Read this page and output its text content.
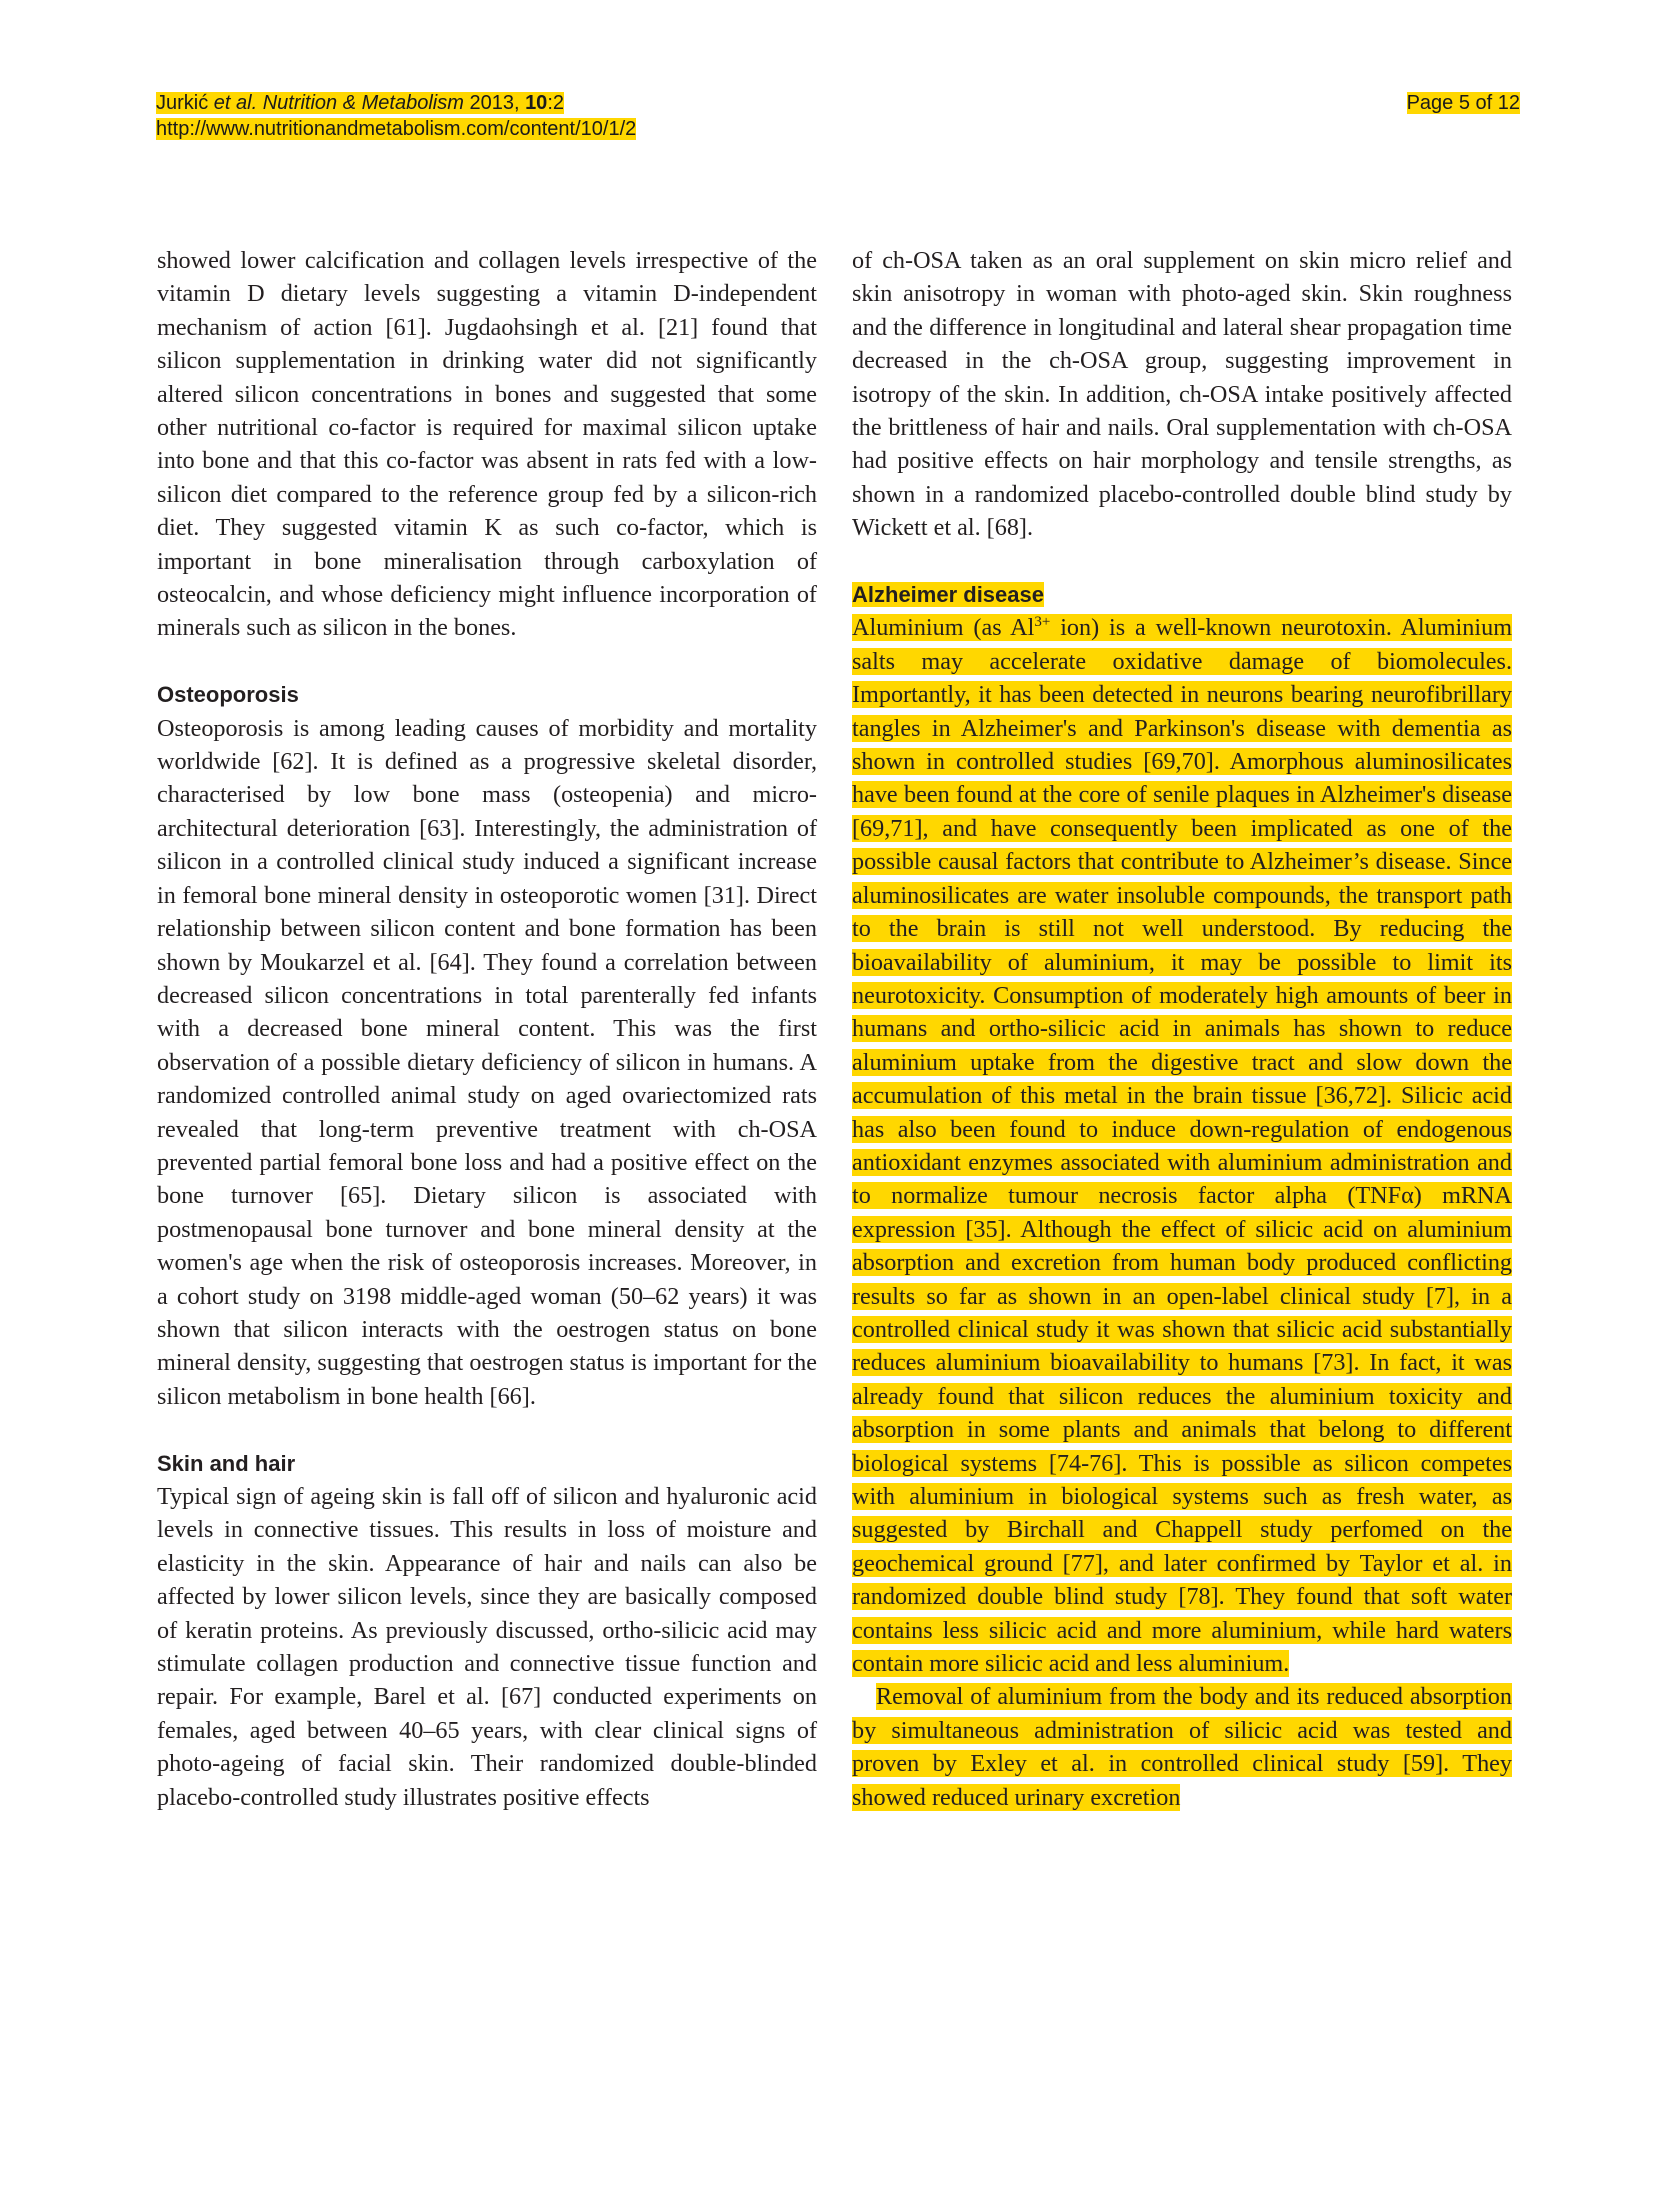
Jurkić et al. Nutrition & Metabolism 2013, 10:2
http://www.nutritionandmetabolism.com/content/10/1/2
Page 5 of 12

showed lower calcification and collagen levels irrespective of the vitamin D dietary levels suggesting a vitamin D-independent mechanism of action [61]. Jugdaohsingh et al. [21] found that silicon supplementation in drinking water did not significantly altered silicon concentrations in bones and suggested that some other nutritional co-factor is required for maximal silicon uptake into bone and that this co-factor was absent in rats fed with a low-silicon diet compared to the reference group fed by a silicon-rich diet. They suggested vitamin K as such co-factor, which is important in bone mineralisation through carboxylation of osteocalcin, and whose deficiency might influence incorporation of minerals such as silicon in the bones.

Osteoporosis

Osteoporosis is among leading causes of morbidity and mortality worldwide [62]. It is defined as a progressive skeletal disorder, characterised by low bone mass (osteopenia) and micro-architectural deterioration [63]. Interestingly, the administration of silicon in a controlled clinical study induced a significant increase in femoral bone mineral density in osteoporotic women [31]. Direct relationship between silicon content and bone formation has been shown by Moukarzel et al. [64]. They found a correlation between decreased silicon concentrations in total parenterally fed infants with a decreased bone mineral content. This was the first observation of a possible dietary deficiency of silicon in humans. A randomized controlled animal study on aged ovariectomized rats revealed that long-term preventive treatment with ch-OSA prevented partial femoral bone loss and had a positive effect on the bone turnover [65]. Dietary silicon is associated with postmenopausal bone turnover and bone mineral density at the women's age when the risk of osteoporosis increases. Moreover, in a cohort study on 3198 middle-aged woman (50–62 years) it was shown that silicon interacts with the oestrogen status on bone mineral density, suggesting that oestrogen status is important for the silicon metabolism in bone health [66].

Skin and hair

Typical sign of ageing skin is fall off of silicon and hyaluronic acid levels in connective tissues. This results in loss of moisture and elasticity in the skin. Appearance of hair and nails can also be affected by lower silicon levels, since they are basically composed of keratin proteins. As previously discussed, ortho-silicic acid may stimulate collagen production and connective tissue function and repair. For example, Barel et al. [67] conducted experiments on females, aged between 40–65 years, with clear clinical signs of photo-ageing of facial skin. Their randomized double-blinded placebo-controlled study illustrates positive effects

of ch-OSA taken as an oral supplement on skin micro relief and skin anisotropy in woman with photo-aged skin. Skin roughness and the difference in longitudinal and lateral shear propagation time decreased in the ch-OSA group, suggesting improvement in isotropy of the skin. In addition, ch-OSA intake positively affected the brittleness of hair and nails. Oral supplementation with ch-OSA had positive effects on hair morphology and tensile strengths, as shown in a randomized placebo-controlled double blind study by Wickett et al. [68].

Alzheimer disease

Aluminium (as $Al^{3+}$ ion) is a well-known neurotoxin. Aluminium salts may accelerate oxidative damage of biomolecules. Importantly, it has been detected in neurons bearing neurofibrillary tangles in Alzheimer's and Parkinson's disease with dementia as shown in controlled studies [69,70]. Amorphous aluminosilicates have been found at the core of senile plaques in Alzheimer's disease [69,71], and have consequently been implicated as one of the possible causal factors that contribute to Alzheimer’s disease. Since aluminosilicates are water insoluble compounds, the transport path to the brain is still not well understood. By reducing the bioavailability of aluminium, it may be possible to limit its neurotoxicity. Consumption of moderately high amounts of beer in humans and ortho-silicic acid in animals has shown to reduce aluminium uptake from the digestive tract and slow down the accumulation of this metal in the brain tissue [36,72]. Silicic acid has also been found to induce down-regulation of endogenous antioxidant enzymes associated with aluminium administration and to normalize tumour necrosis factor alpha (TNFα) mRNA expression [35]. Although the effect of silicic acid on aluminium absorption and excretion from human body produced conflicting results so far as shown in an open-label clinical study [7], in a controlled clinical study it was shown that silicic acid substantially reduces aluminium bioavailability to humans [73]. In fact, it was already found that silicon reduces the aluminium toxicity and absorption in some plants and animals that belong to different biological systems [74-76]. This is possible as silicon competes with aluminium in biological systems such as fresh water, as suggested by Birchall and Chappell study perfomed on the geochemical ground [77], and later confirmed by Taylor et al. in randomized double blind study [78]. They found that soft water contains less silicic acid and more aluminium, while hard waters contain more silicic acid and less aluminium.

Removal of aluminium from the body and its reduced absorption by simultaneous administration of silicic acid was tested and proven by Exley et al. in controlled clinical study [59]. They showed reduced urinary excretion
